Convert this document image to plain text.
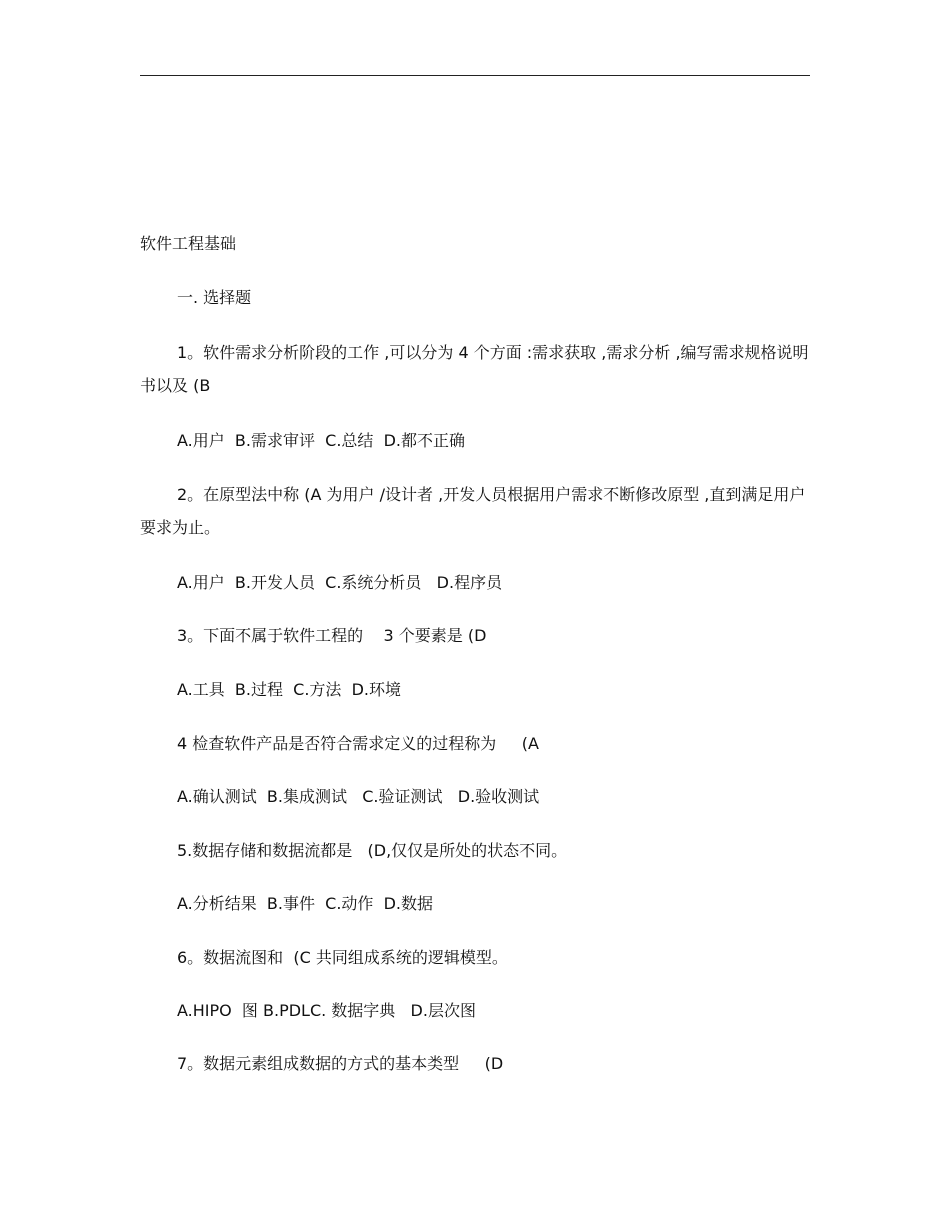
软件工程基础
一. 选择题
1。软件需求分析阶段的工作 ,可以分为 4 个方面 :需求获取 ,需求分析 ,编写需求规格说明书以及 (B
A.用户  B.需求审评  C.总结  D.都不正确
2。在原型法中称 (A 为用户 /设计者 ,开发人员根据用户需求不断修改原型 ,直到满足用户要求为止。
A.用户  B.开发人员  C.系统分析员   D.程序员
3。下面不属于软件工程的    3 个要素是 (D
A.工具  B.过程  C.方法  D.环境
4 检查软件产品是否符合需求定义的过程称为     (A
A.确认测试  B.集成测试   C.验证测试   D.验收测试
5.数据存储和数据流都是   (D,仅仅是所处的状态不同。
A.分析结果  B.事件  C.动作  D.数据
6。数据流图和  (C 共同组成系统的逻辑模型。
A.HIPO  图 B.PDLC. 数据字典   D.层次图
7。数据元素组成数据的方式的基本类型     (D
